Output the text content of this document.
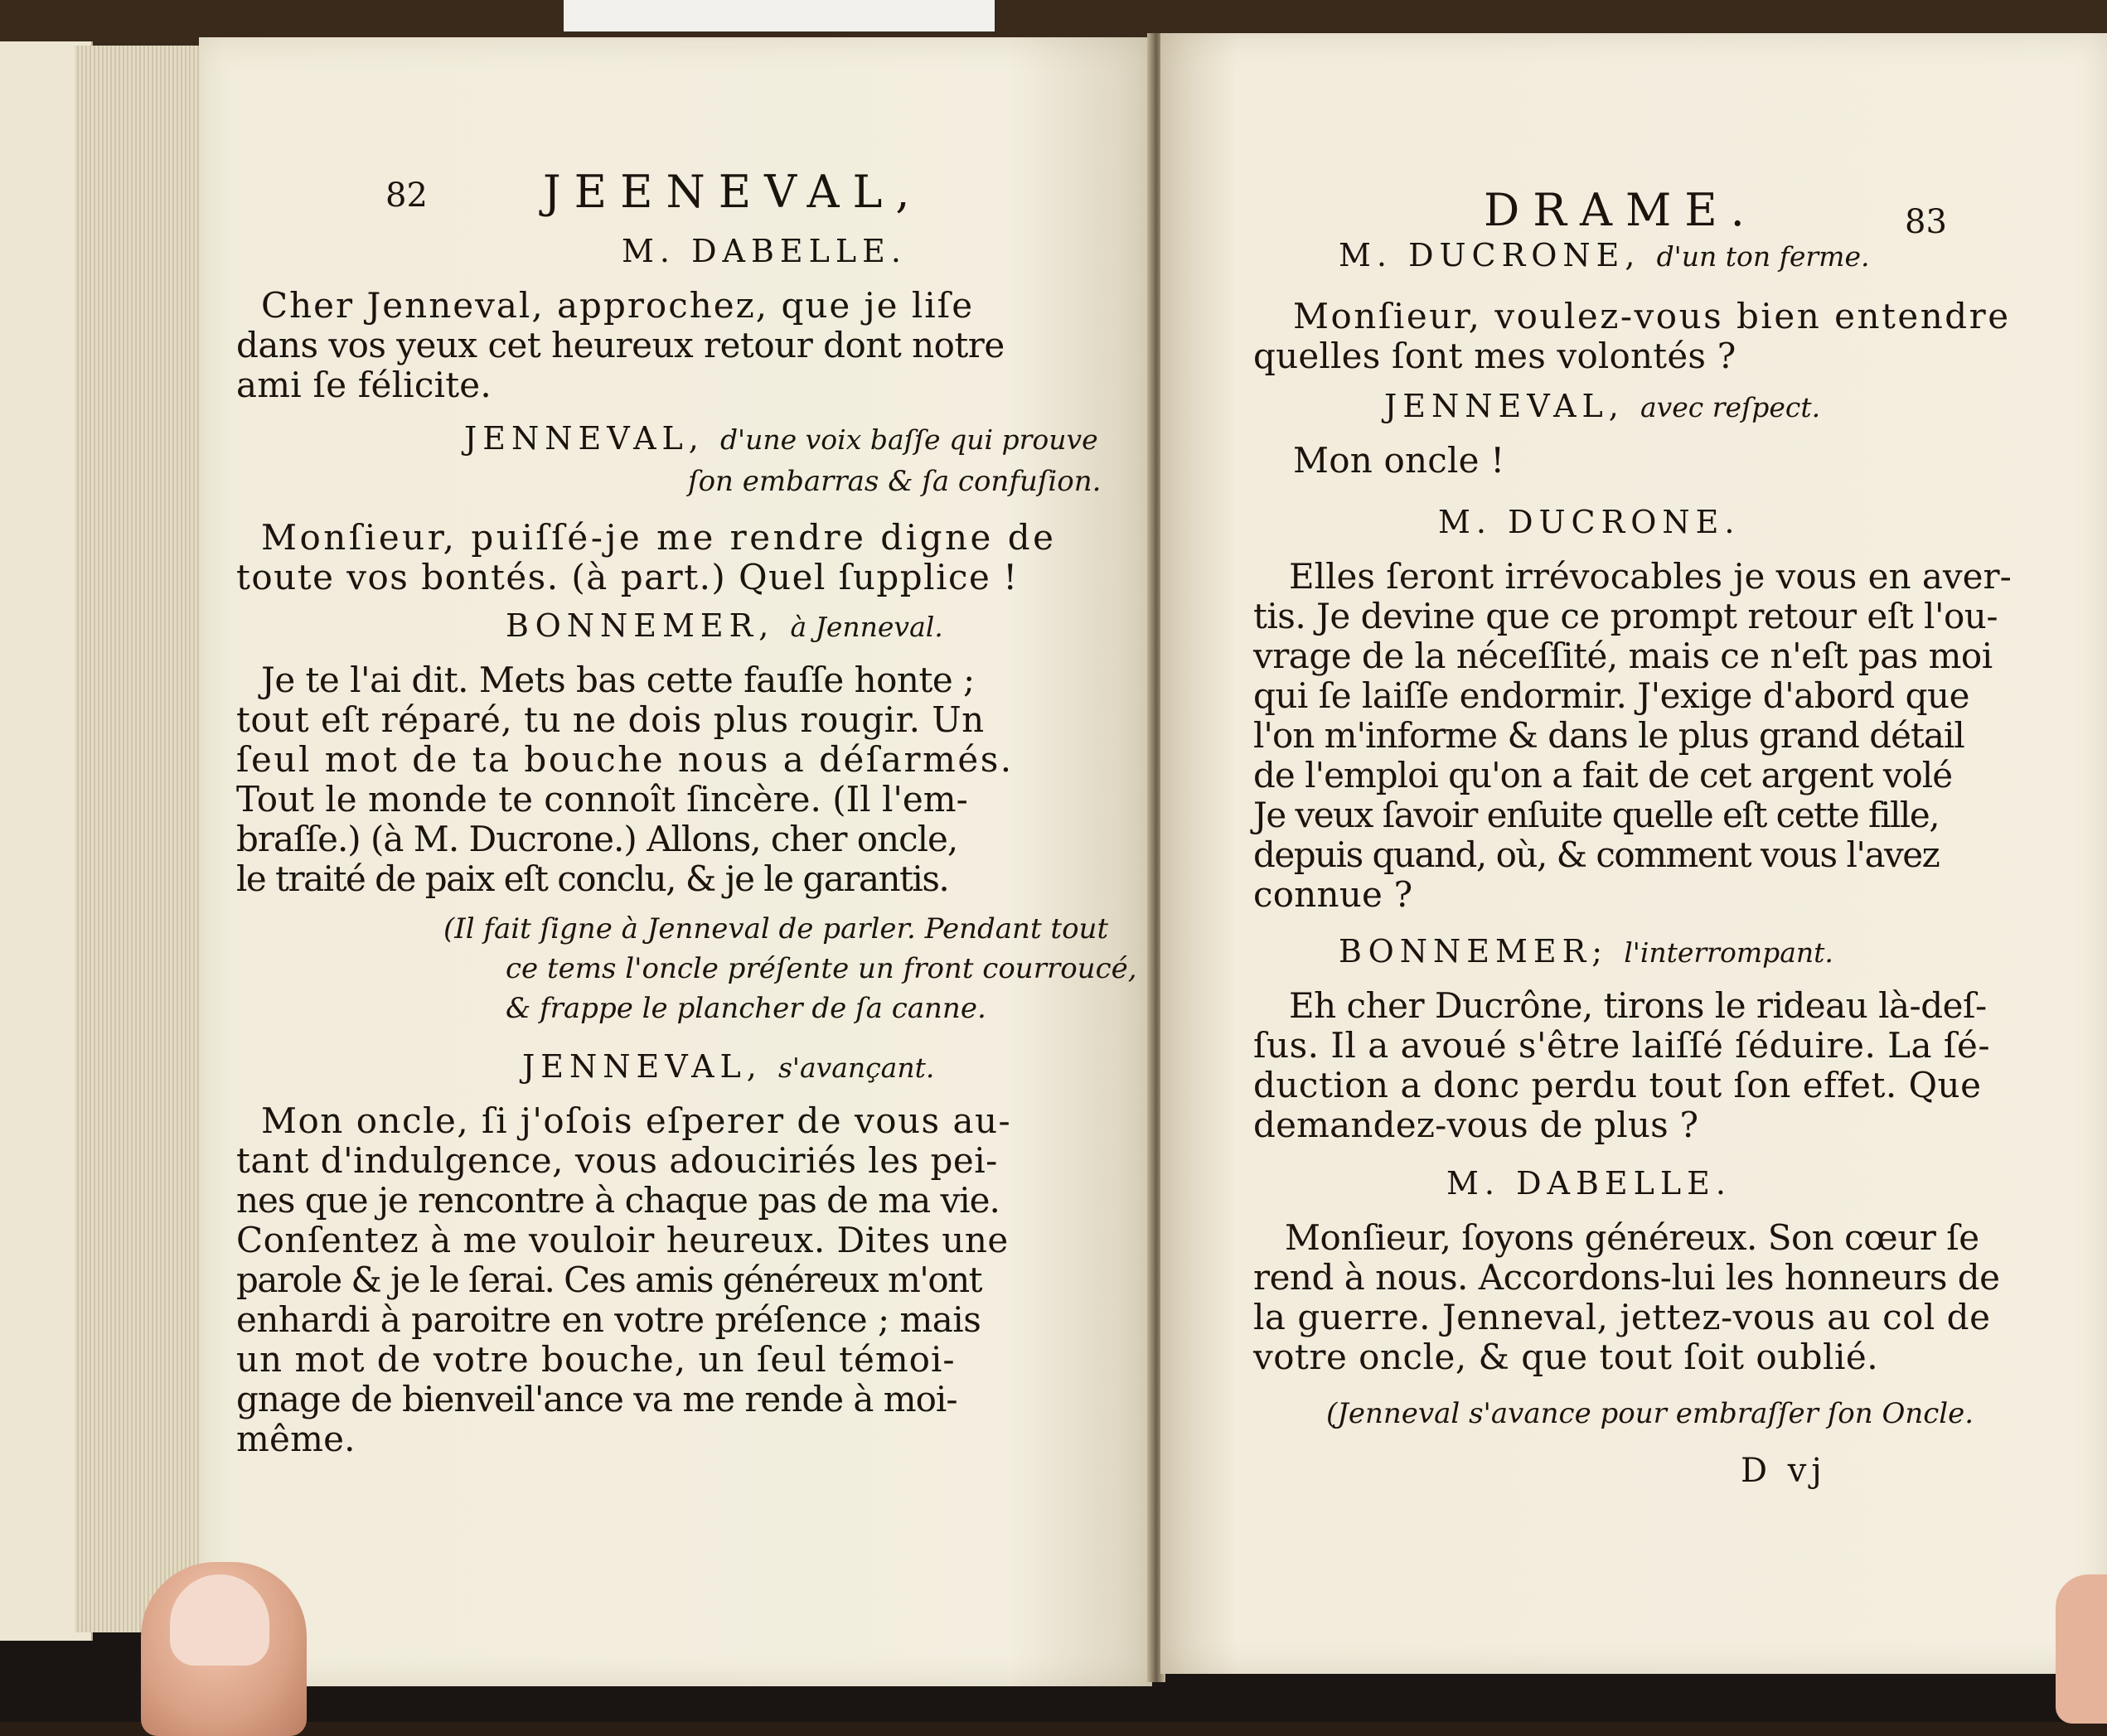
82	JEENEVAL,
M. DABELLE.
Cher Jenneval, approchez, que je liſe
dans vos yeux cet heureux retour dont notre
ami ſe félicite.
JENNEVAL, d'une voix baſſe qui prouve
ſon embarras & ſa confuſion.
Monſieur, puiſſé-je me rendre digne de
toute vos bontés. (à part.) Quel ſupplice !
BONNEMER, à Jenneval.
Je te l'ai dit. Mets bas cette fauſſe honte ;
tout eſt réparé, tu ne dois plus rougir. Un
ſeul mot de ta bouche nous a déſarmés.
Tout le monde te connoît ſincère. (Il l'em-
braſſe.) (à M. Ducrone.) Allons, cher oncle,
le traité de paix eſt conclu, & je le garantis.
(Il fait ſigne à Jenneval de parler. Pendant tout
ce tems l'oncle préſente un front courroucé,
& frappe le plancher de ſa canne.
JENNEVAL, s'avançant.
Mon oncle, ſi j'oſois eſperer de vous au-
tant d'indulgence, vous adouciriés les pei-
nes que je rencontre à chaque pas de ma vie.
Conſentez à me vouloir heureux. Dites une
parole & je le ſerai. Ces amis généreux m'ont
enhardi à paroitre en votre préſence ; mais
un mot de votre bouche, un ſeul témoi-
gnage de bienveil'ance va me rende à moi-
même.
DRAME.	83
M. DUCRONE, d'un ton ferme.
Monſieur, voulez-vous bien entendre
quelles ſont mes volontés ?
JENNEVAL, avec reſpect.
Mon oncle !
M. DUCRONE.
Elles ſeront irrévocables je vous en aver-
tis. Je devine que ce prompt retour eſt l'ou-
vrage de la néceſſité, mais ce n'eſt pas moi
qui ſe laiſſe endormir. J'exige d'abord que
l'on m'informe & dans le plus grand détail
de l'emploi qu'on a fait de cet argent volé
Je veux ſavoir enſuite quelle eſt cette fille,
depuis quand, où, & comment vous l'avez
connue ?
BONNEMER; l'interrompant.
Eh cher Ducrône, tirons le rideau là-deſ-
ſus. Il a avoué s'être laiſſé ſéduire. La ſé-
duction a donc perdu tout ſon effet. Que
demandez-vous de plus ?
M. DABELLE.
Monſieur, ſoyons généreux. Son cœur ſe
rend à nous. Accordons-lui les honneurs de
la guerre. Jenneval, jettez-vous au col de
votre oncle, & que tout ſoit oublié.
(Jenneval s'avance pour embraſſer ſon Oncle.
D vj
